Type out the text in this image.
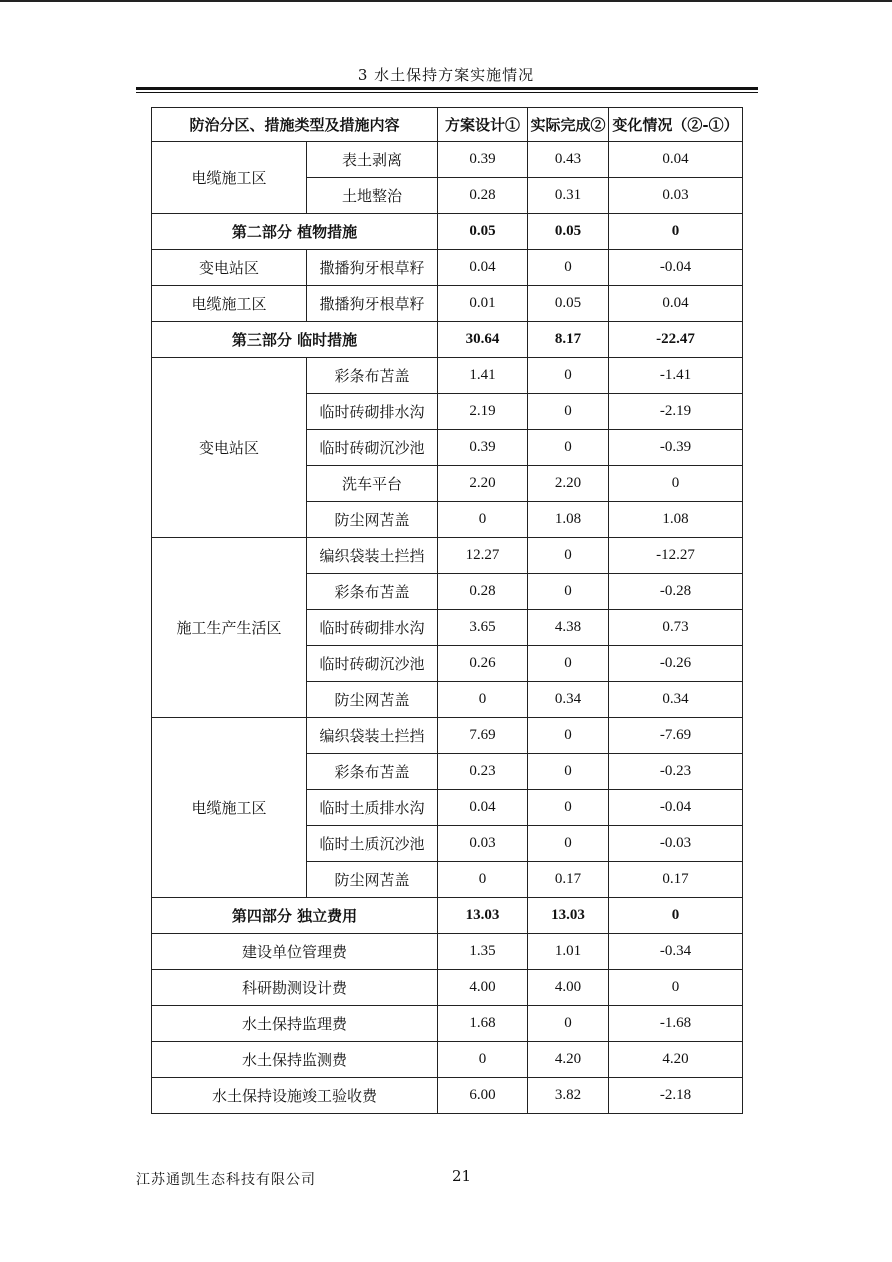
3 水土保持方案实施情况
防治分区、措施类型及措施内容		方案设计①	实际完成②	变化情况（②-①）
电缆施工区	表土剥离	0.39	0.43	0.04
	土地整治	0.28	0.31	0.03
第二部分 植物措施		0.05	0.05	0
变电站区	撒播狗牙根草籽	0.04	0	-0.04
电缆施工区	撒播狗牙根草籽	0.01	0.05	0.04
第三部分 临时措施		30.64	8.17	-22.47
变电站区	彩条布苫盖	1.41	0	-1.41
	临时砖砌排水沟	2.19	0	-2.19
	临时砖砌沉沙池	0.39	0	-0.39
	洗车平台	2.20	2.20	0
	防尘网苫盖	0	1.08	1.08
施工生产生活区	编织袋装土拦挡	12.27	0	-12.27
	彩条布苫盖	0.28	0	-0.28
	临时砖砌排水沟	3.65	4.38	0.73
	临时砖砌沉沙池	0.26	0	-0.26
	防尘网苫盖	0	0.34	0.34
电缆施工区	编织袋装土拦挡	7.69	0	-7.69
	彩条布苫盖	0.23	0	-0.23
	临时土质排水沟	0.04	0	-0.04
	临时土质沉沙池	0.03	0	-0.03
	防尘网苫盖	0	0.17	0.17
第四部分 独立费用		13.03	13.03	0
建设单位管理费		1.35	1.01	-0.34
科研勘测设计费		4.00	4.00	0
水土保持监理费		1.68	0	-1.68
水土保持监测费		0	4.20	4.20
水土保持设施竣工验收费		6.00	3.82	-2.18
江苏通凯生态科技有限公司	21
